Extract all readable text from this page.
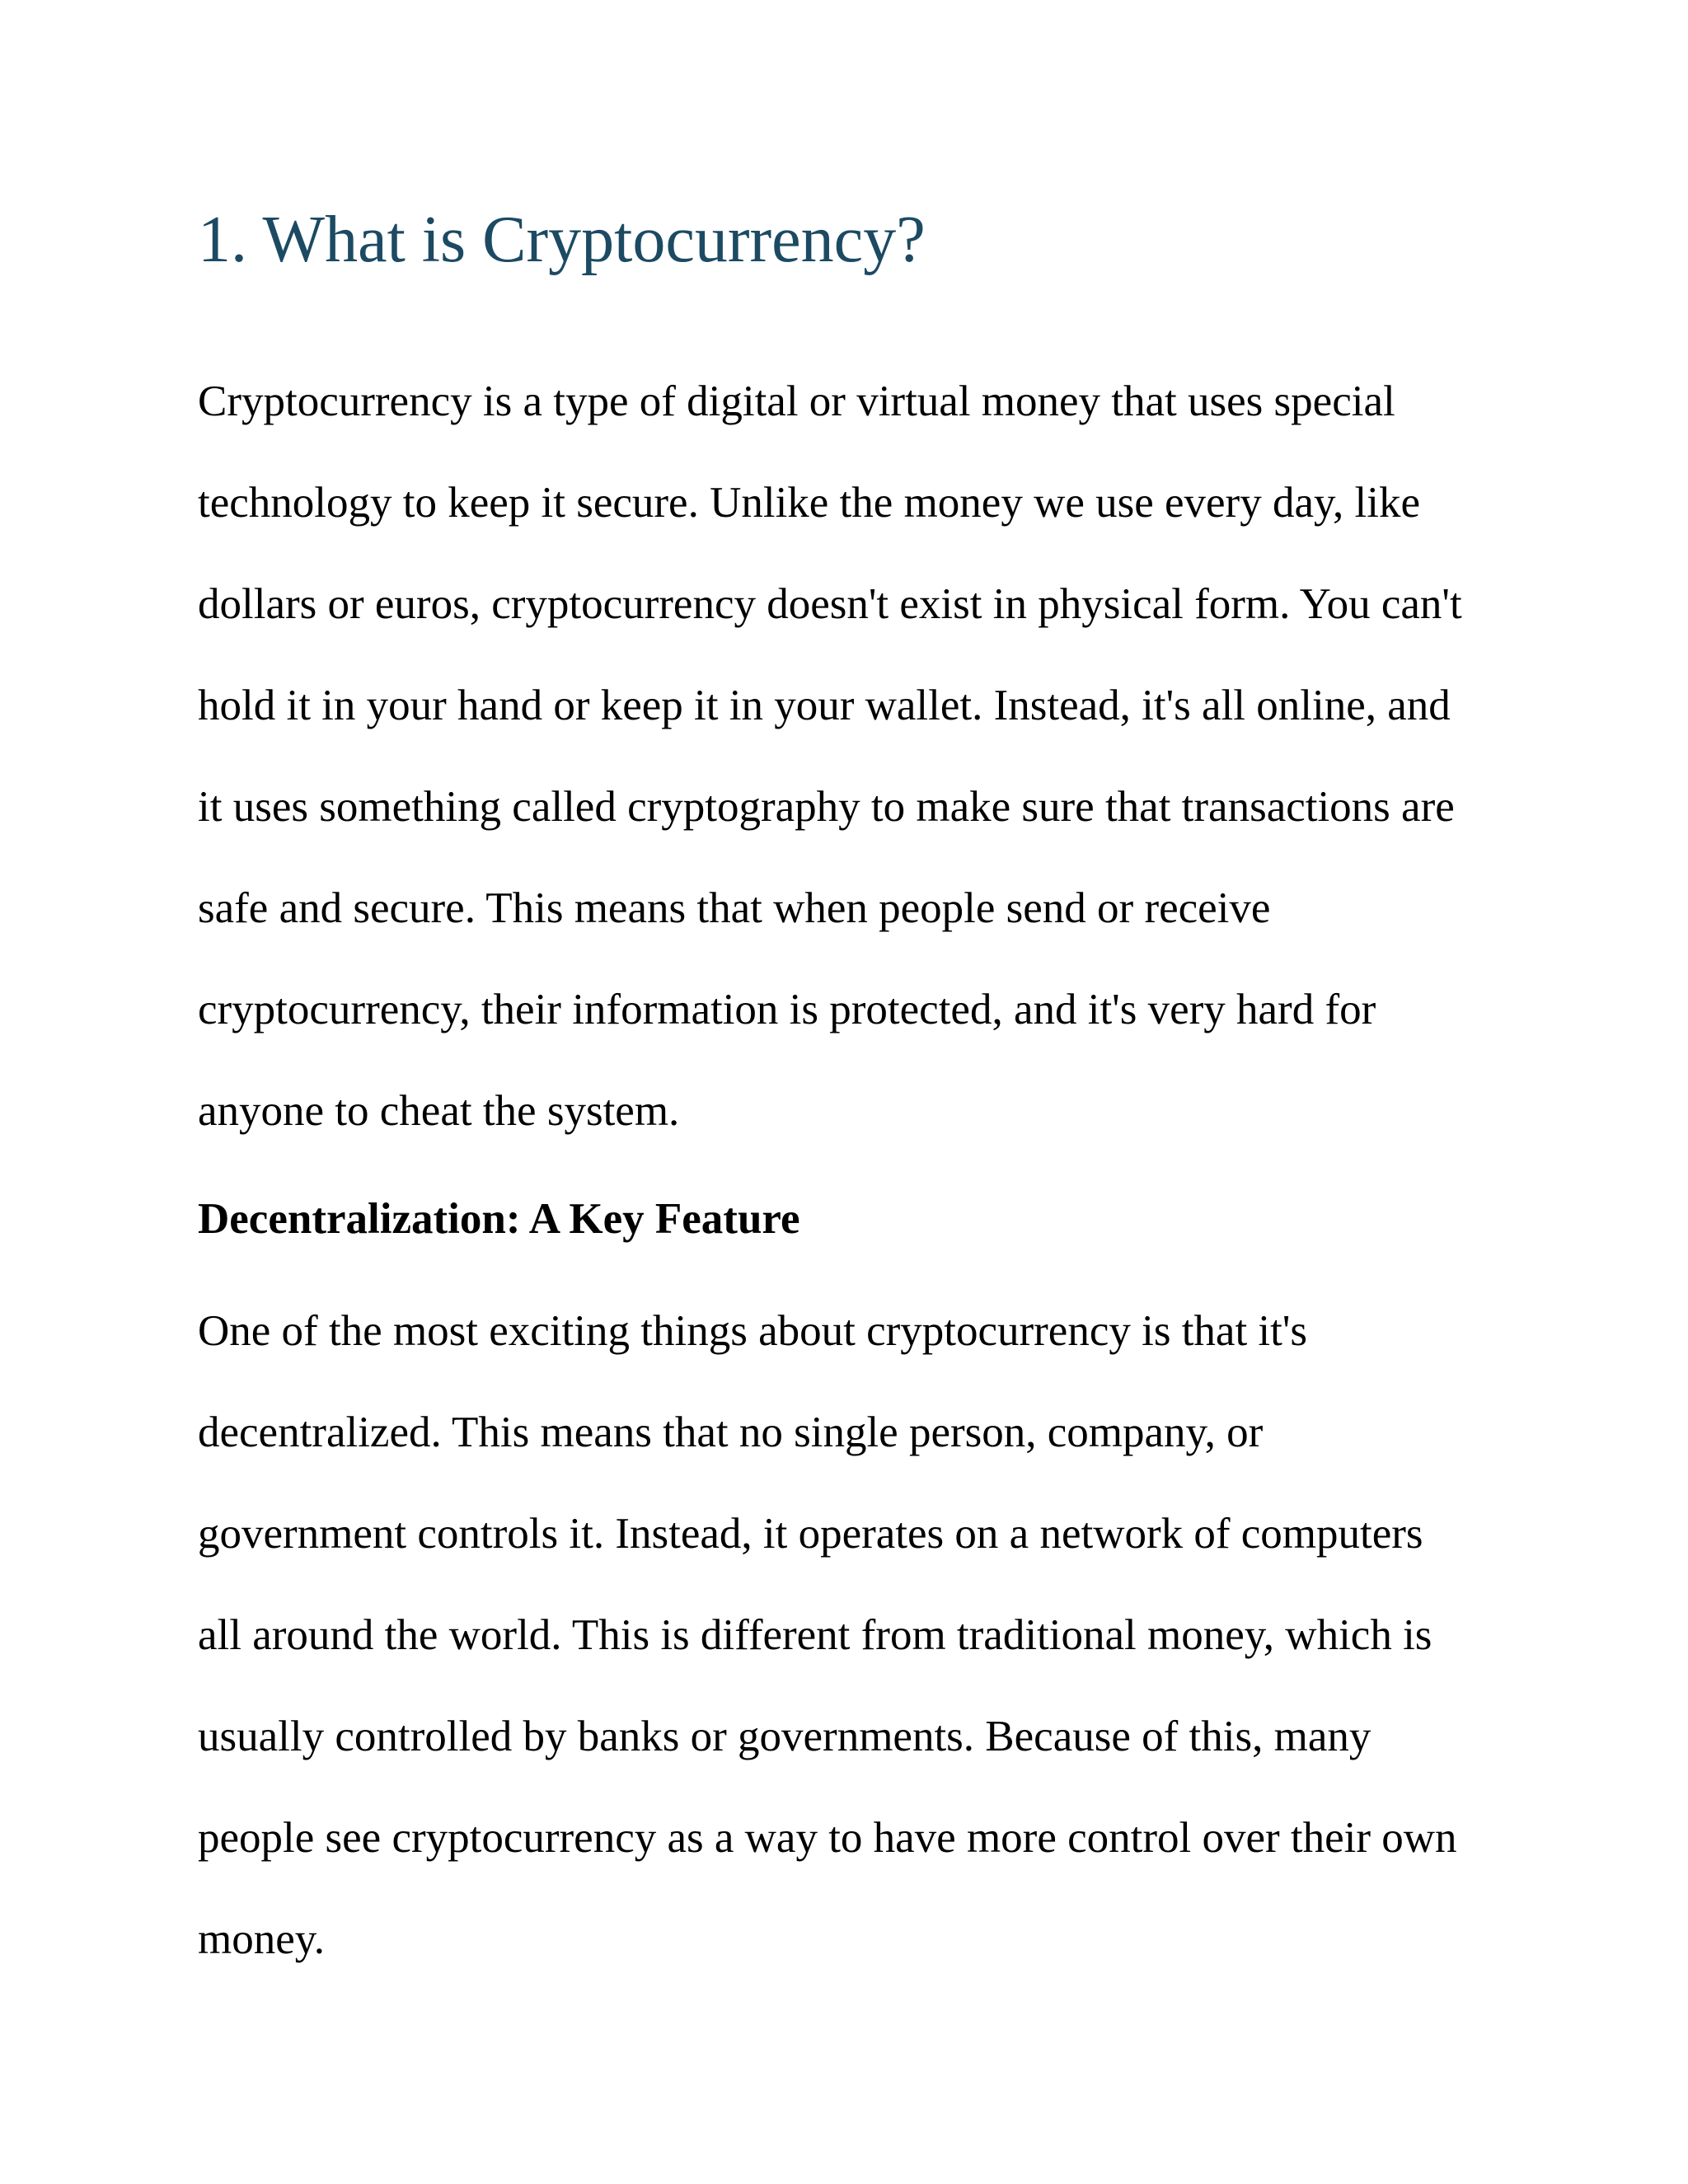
1. What is Cryptocurrency?

Cryptocurrency is a type of digital or virtual money that uses special
technology to keep it secure. Unlike the money we use every day, like
dollars or euros, cryptocurrency doesn't exist in physical form. You can't
hold it in your hand or keep it in your wallet. Instead, it's all online, and
it uses something called cryptography to make sure that transactions are
safe and secure. This means that when people send or receive
cryptocurrency, their information is protected, and it's very hard for
anyone to cheat the system.

Decentralization: A Key Feature

One of the most exciting things about cryptocurrency is that it's
decentralized. This means that no single person, company, or
government controls it. Instead, it operates on a network of computers
all around the world. This is different from traditional money, which is
usually controlled by banks or governments. Because of this, many
people see cryptocurrency as a way to have more control over their own
money.
